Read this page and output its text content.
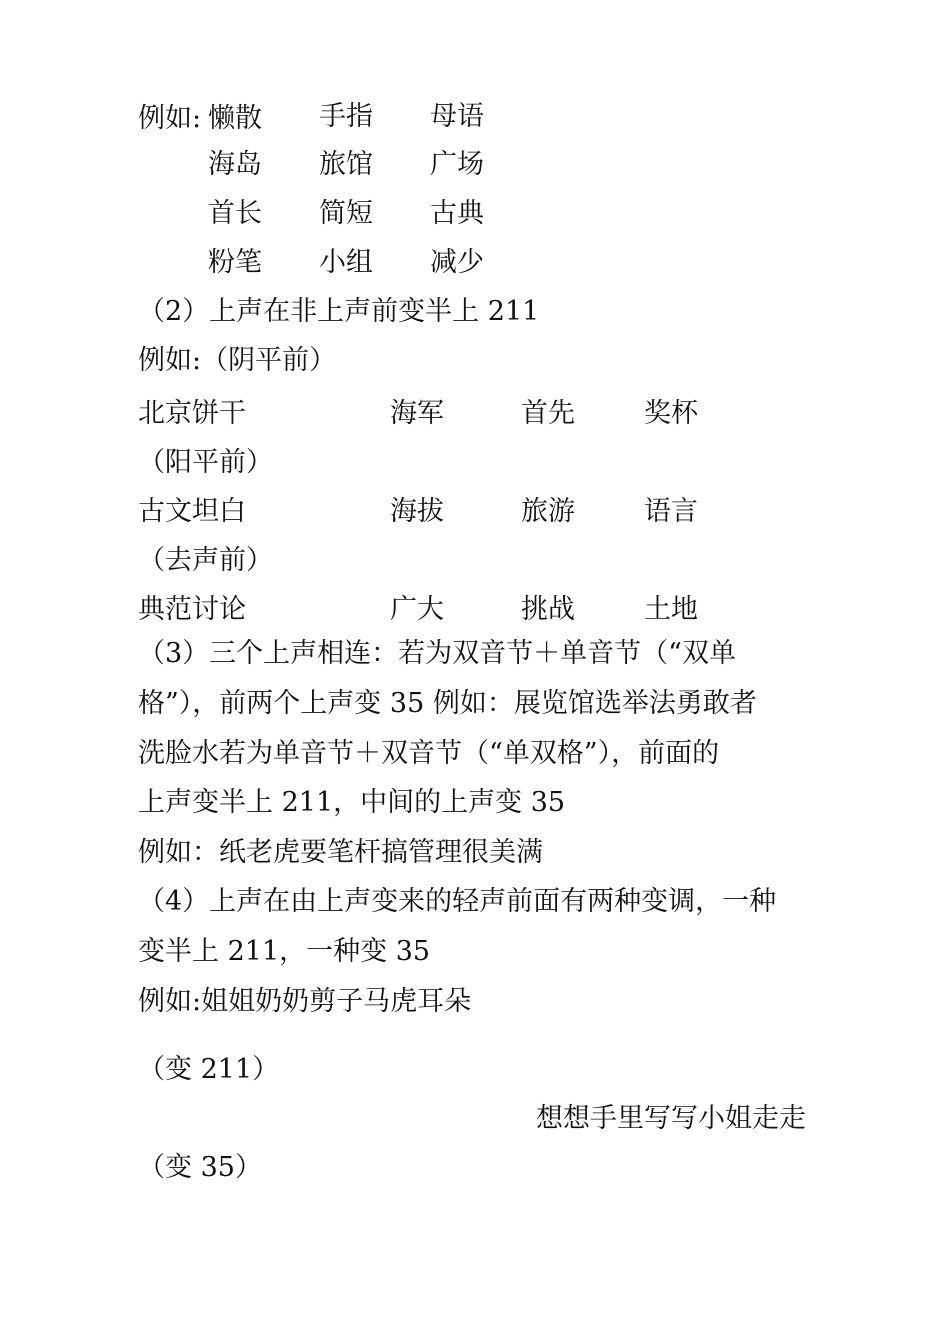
例如: 懒散 手指 母语
海岛 旅馆 广场
首长 简短 古典
粉笔 小组 减少
（2）上声在非上声前变半上 211
例如:（阴平前）
北京饼干	海军	首先	奖杯
（阳平前）
古文坦白	海拔	旅游	语言
（去声前）
典范讨论	广大	挑战	土地
（3）三个上声相连：若为双音节＋单音节（“双单
格”），前两个上声变 35 例如：展览馆选举法勇敢者
洗脸水若为单音节＋双音节（“单双格”），前面的
上声变半上 211，中间的上声变 35
例如：纸老虎要笔杆搞管理很美满
（4）上声在由上声变来的轻声前面有两种变调，一种
变半上 211，一种变 35
例如:姐姐奶奶剪子马虎耳朵
（变 211）
想想手里写写小姐走走
（变 35）
